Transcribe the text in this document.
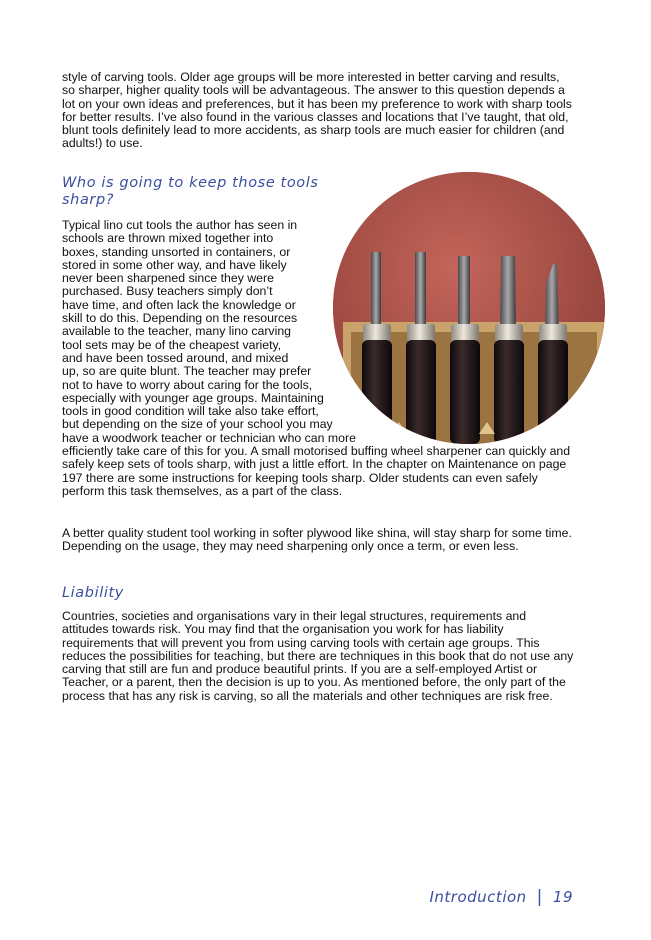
style of carving tools. Older age groups will be more interested in better carving and results, so sharper, higher quality tools will be advantageous. The answer to this question depends a lot on your own ideas and preferences, but it has been my preference to work with sharp tools for better results. I’ve also found in the various classes and locations that I’ve taught, that old, blunt tools definitely lead to more accidents, as sharp tools are much easier for children (and adults!) to use.

Who is going to keep those tools sharp?
Typical lino cut tools the author has seen in
schools are thrown mixed together into
boxes, standing unsorted in containers, or
stored in some other way, and have likely
never been sharpened since they were
purchased. Busy teachers simply don’t
have time, and often lack the knowledge or
skill to do this. Depending on the resources
available to the teacher, many lino carving
tool sets may be of the cheapest variety,
and have been tossed around, and mixed
up, so are quite blunt. The teacher may prefer
not to have to worry about caring for the tools,
especially with younger age groups. Maintaining
tools in good condition will take also take effort,
but depending on the size of your school you may
have a woodwork teacher or technician who can more
efficiently take care of this for you. A small motorised buffing wheel sharpener can quickly and safely keep sets of tools sharp, with just a little effort. In the chapter on Maintenance on page 197 there are some instructions for keeping tools sharp. Older students can even safely perform this task themselves, as a part of the class.

A better quality student tool working in softer plywood like shina, will stay sharp for some time. Depending on the usage, they may need sharpening only once a term, or even less.

Liability

Countries, societies and organisations vary in their legal structures, requirements and attitudes towards risk. You may find that the organisation you work for has liability requirements that will prevent you from using carving tools with certain age groups. This reduces the possibilities for teaching, but there are techniques in this book that do not use any carving that still are fun and produce beautiful prints. If you are a self-employed Artist or Teacher, or a parent, then the decision is up to you. As mentioned before, the only part of the process that has any risk is carving, so all the materials and other techniques are risk free.

Introduction | 19
